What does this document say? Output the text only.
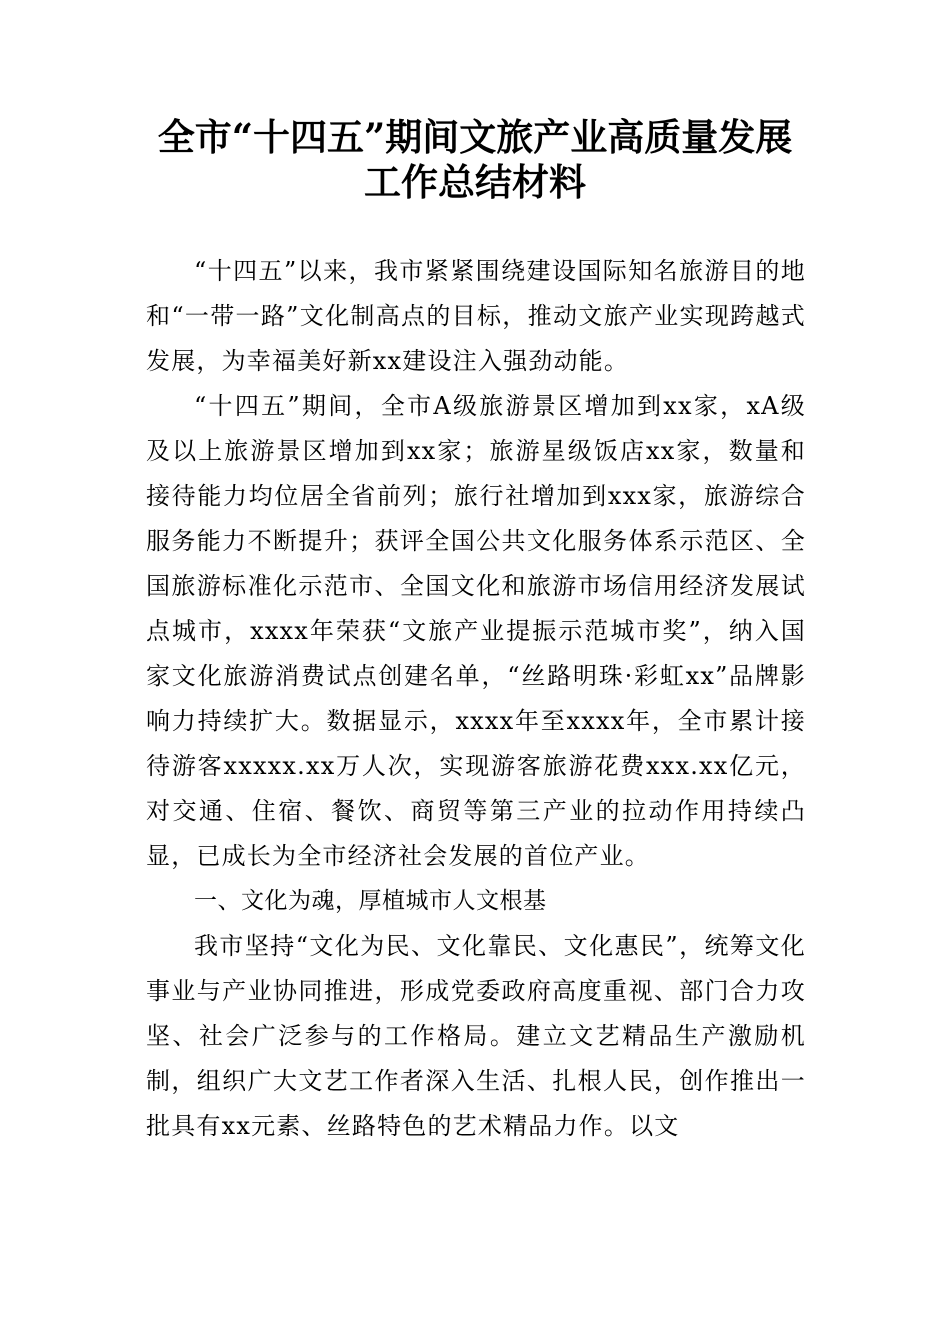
全市“十四五”期间文旅产业高质量发展
工作总结材料

“十四五”以来，我市紧紧围绕建设国际知名旅游目的地和“一带一路”文化制高点的目标，推动文旅产业实现跨越式发展，为幸福美好新xx建设注入强劲动能。

“十四五”期间，全市A级旅游景区增加到xx家，xA级及以上旅游景区增加到xx家；旅游星级饭店xx家，数量和接待能力均位居全省前列；旅行社增加到xxx家，旅游综合服务能力不断提升；获评全国公共文化服务体系示范区、全国旅游标准化示范市、全国文化和旅游市场信用经济发展试点城市，xxxx年荣获“文旅产业提振示范城市奖”，纳入国家文化旅游消费试点创建名单，“丝路明珠·彩虹xx”品牌影响力持续扩大。数据显示，xxxx年至xxxx年，全市累计接待游客xxxxx.xx万人次，实现游客旅游花费xxx.xx亿元，对交通、住宿、餐饮、商贸等第三产业的拉动作用持续凸显，已成长为全市经济社会发展的首位产业。

一、文化为魂，厚植城市人文根基

我市坚持“文化为民、文化靠民、文化惠民”，统筹文化事业与产业协同推进，形成党委政府高度重视、部门合力攻坚、社会广泛参与的工作格局。建立文艺精品生产激励机制，组织广大文艺工作者深入生活、扎根人民，创作推出一批具有xx元素、丝路特色的艺术精品力作。以文
